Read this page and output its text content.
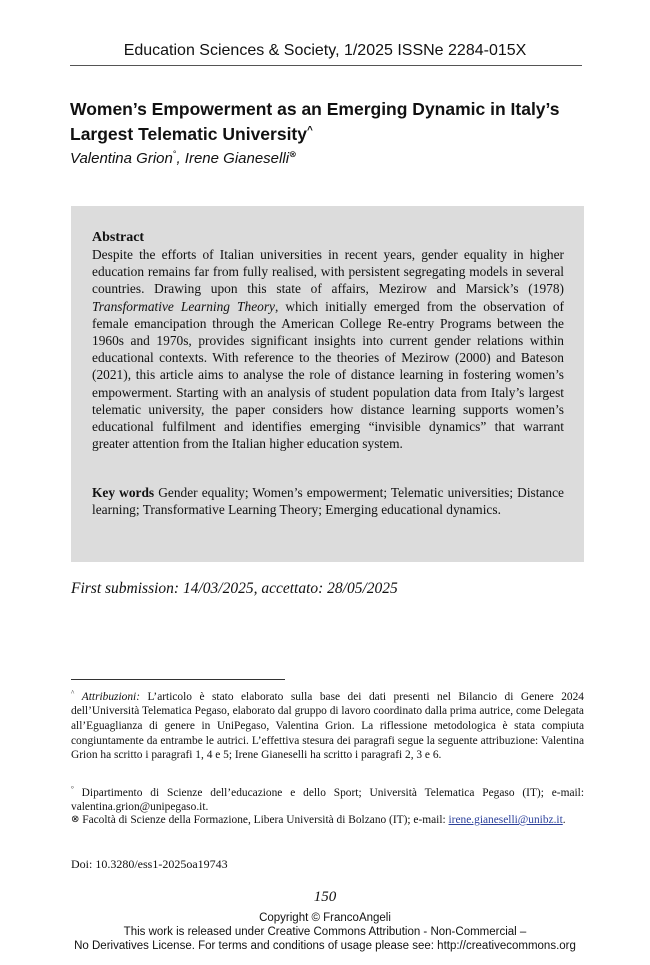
Education Sciences & Society, 1/2025 ISSNe 2284-015X
Women’s Empowerment as an Emerging Dynamic in Italy’s Largest Telematic University^
Valentina Grion°, Irene Gianeselli⊗
Abstract
Despite the efforts of Italian universities in recent years, gender equality in higher education remains far from fully realised, with persistent segregating models in several countries. Drawing upon this state of affairs, Mezirow and Marsick’s (1978) Transformative Learning Theory, which initially emerged from the observation of female emancipation through the American College Re-entry Programs between the 1960s and 1970s, provides significant insights into current gender relations within educational contexts. With reference to the theories of Mezirow (2000) and Bateson (2021), this article aims to analyse the role of distance learning in fostering women’s empowerment. Starting with an analysis of student population data from Italy’s largest telematic university, the paper considers how distance learning supports women’s educational fulfilment and identifies emerging “invisible dynamics” that warrant greater attention from the Italian higher education system.
Key words Gender equality; Women’s empowerment; Telematic universities; Distance learning; Transformative Learning Theory; Emerging educational dynamics.
First submission: 14/03/2025, accettato: 28/05/2025
^ Attribuzioni: L’articolo è stato elaborato sulla base dei dati presenti nel Bilancio di Genere 2024 dell’Università Telematica Pegaso, elaborato dal gruppo di lavoro coordinato dalla prima autrice, come Delegata all’Eguaglianza di genere in UniPegaso, Valentina Grion. La riflessione metodologica è stata compiuta congiuntamente da entrambe le autrici. L’effettiva stesura dei paragrafi segue la seguente attribuzione: Valentina Grion ha scritto i paragrafi 1, 4 e 5; Irene Gianeselli ha scritto i paragrafi 2, 3 e 6.
° Dipartimento di Scienze dell’educazione e dello Sport; Università Telematica Pegaso (IT); e-mail: valentina.grion@unipegaso.it.
⊗ Facoltà di Scienze della Formazione, Libera Università di Bolzano (IT); e-mail: irene.gianeselli@unibz.it.
Doi: 10.3280/ess1-2025oa19743
150
Copyright © FrancoAngeli
This work is released under Creative Commons Attribution - Non-Commercial –
No Derivatives License. For terms and conditions of usage please see: http://creativecommons.org
